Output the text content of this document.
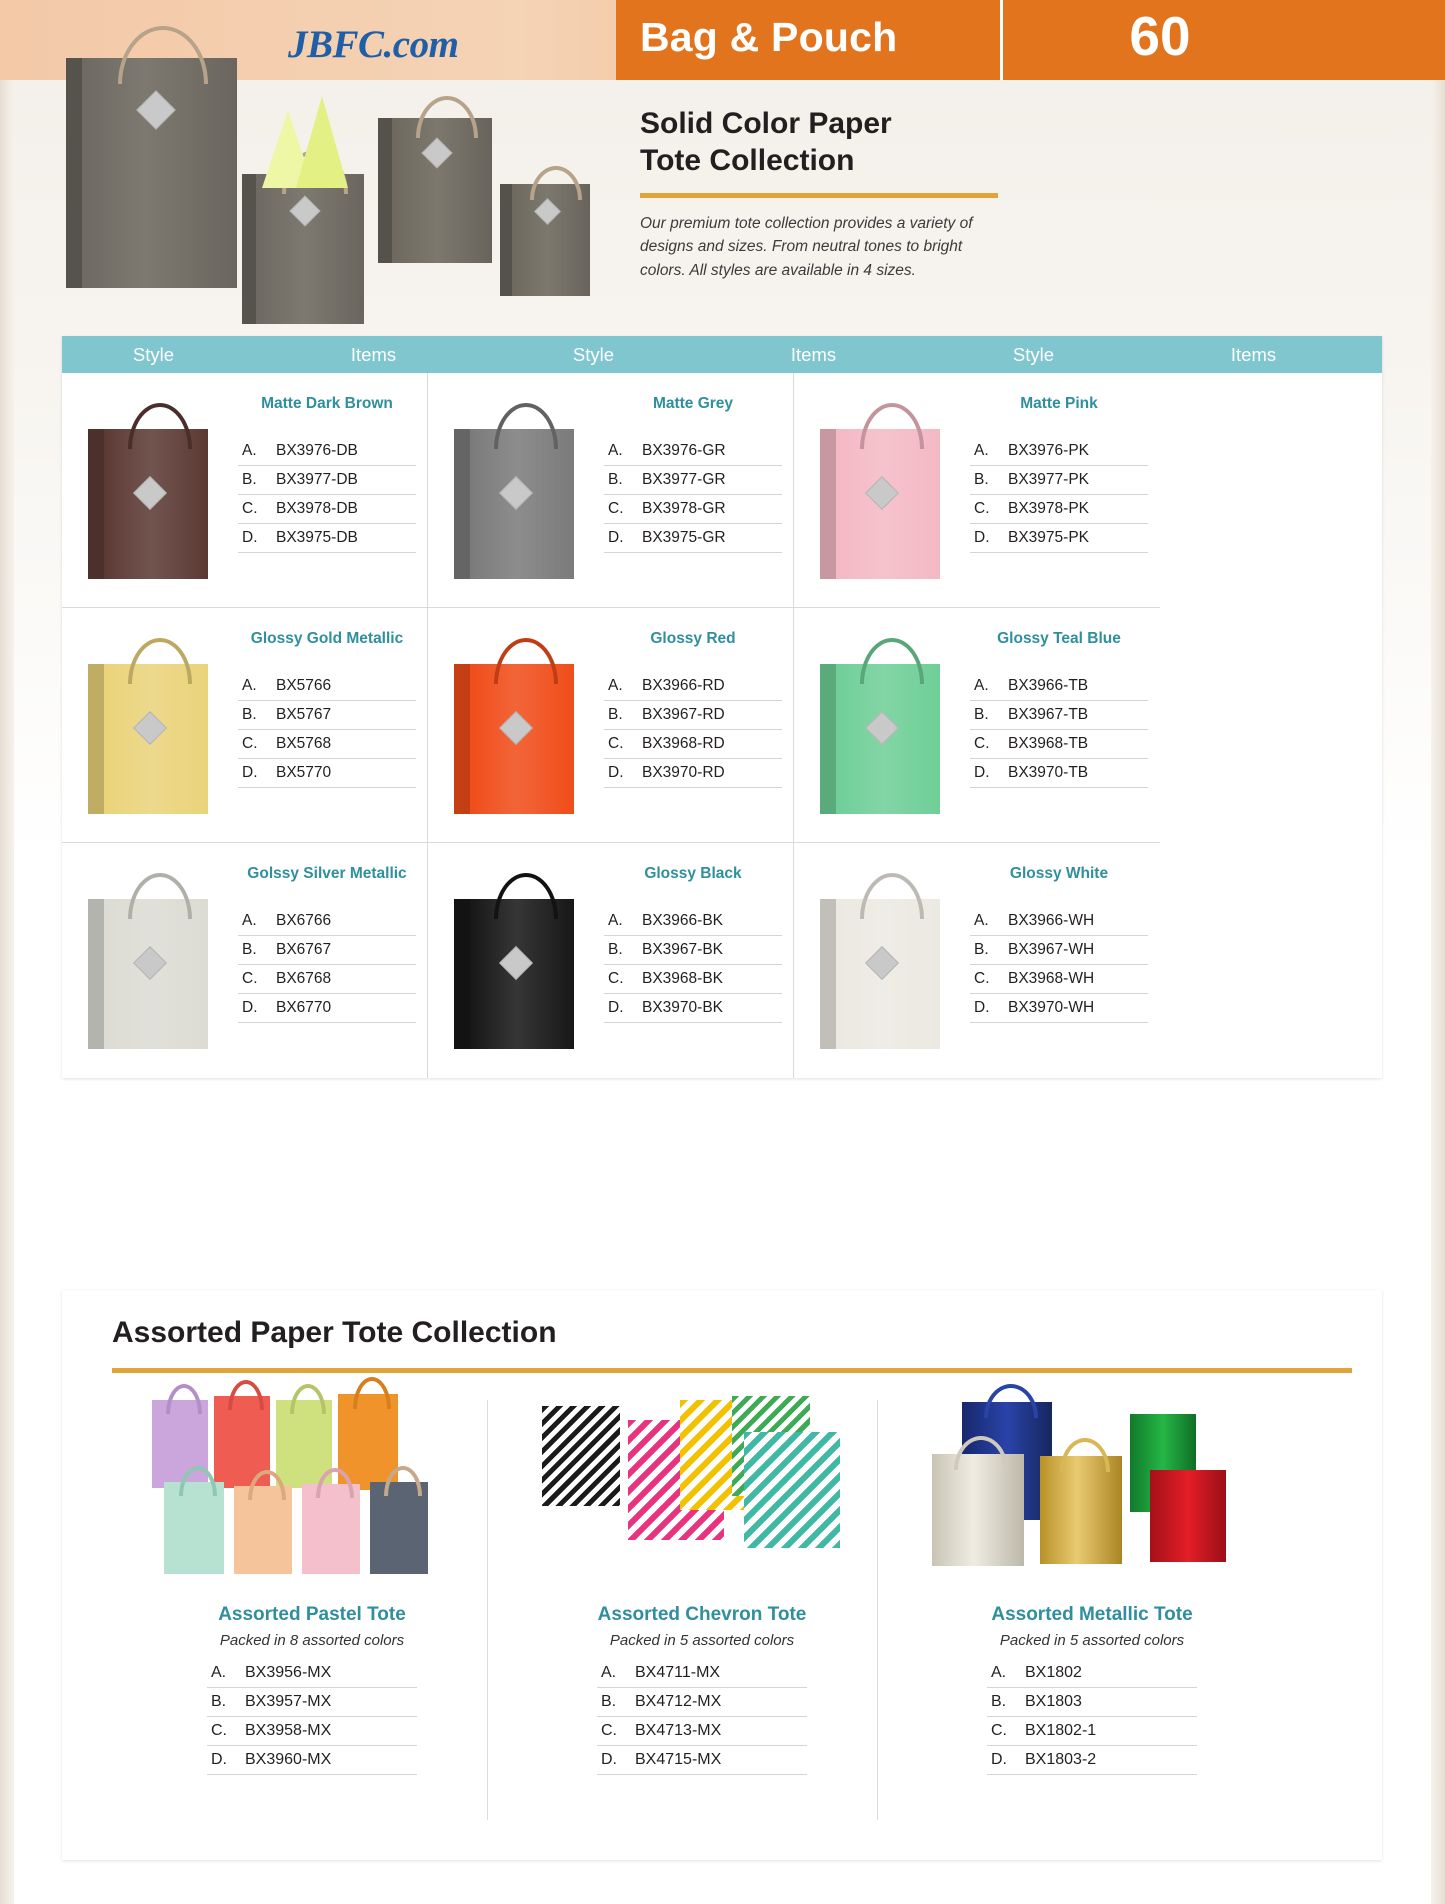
Bag & Pouch	60
JBFC.com
Solid Color Paper
Tote Collection
Our premium tote collection provides a variety of designs and sizes. From neutral tones to bright colors. All styles are available in 4 sizes.
Style	Items	Style	Items	Style	Items
Matte Dark Brown
A.	BX3976-DB
B.	BX3977-DB
C.	BX3978-DB
D.	BX3975-DB
Matte Grey
A.	BX3976-GR
B.	BX3977-GR
C.	BX3978-GR
D.	BX3975-GR
Matte Pink
A.	BX3976-PK
B.	BX3977-PK
C.	BX3978-PK
D.	BX3975-PK
Glossy Gold Metallic
A.	BX5766
B.	BX5767
C.	BX5768
D.	BX5770
Glossy Red
A.	BX3966-RD
B.	BX3967-RD
C.	BX3968-RD
D.	BX3970-RD
Glossy Teal Blue
A.	BX3966-TB
B.	BX3967-TB
C.	BX3968-TB
D.	BX3970-TB
Golssy Silver Metallic
A.	BX6766
B.	BX6767
C.	BX6768
D.	BX6770
Glossy Black
A.	BX3966-BK
B.	BX3967-BK
C.	BX3968-BK
D.	BX3970-BK
Glossy White
A.	BX3966-WH
B.	BX3967-WH
C.	BX3968-WH
D.	BX3970-WH
Assorted Paper Tote Collection
Assorted Pastel Tote
Packed in 8 assorted colors
A.	BX3956-MX
B.	BX3957-MX
C.	BX3958-MX
D.	BX3960-MX
Assorted Chevron Tote
Packed in 5 assorted colors
A.	BX4711-MX
B.	BX4712-MX
C.	BX4713-MX
D.	BX4715-MX
Assorted Metallic Tote
Packed in 5 assorted colors
A.	BX1802
B.	BX1803
C.	BX1802-1
D.	BX1803-2
